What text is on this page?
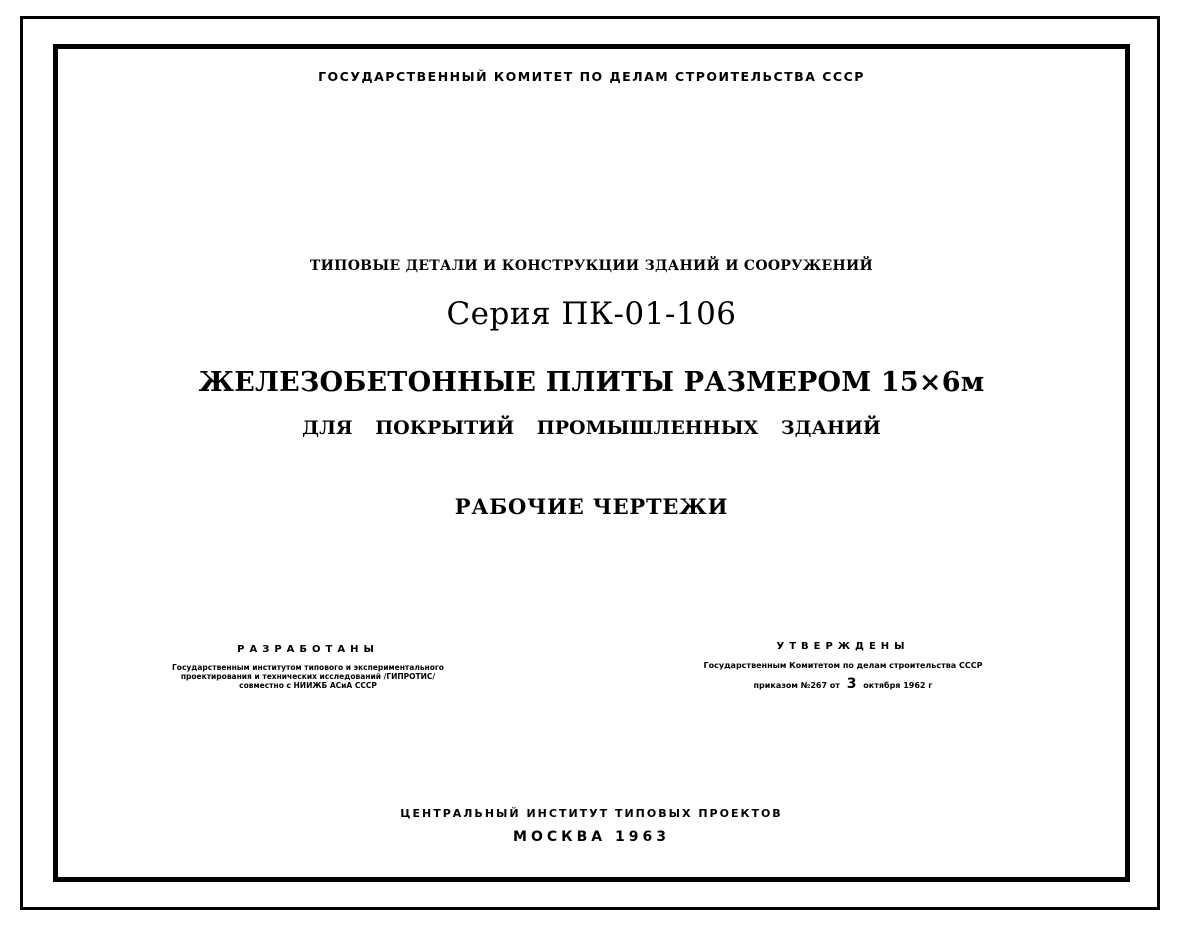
ГОСУДАРСТВЕННЫЙ КОМИТЕТ ПО ДЕЛАМ СТРОИТЕЛЬСТВА СССР
ТИПОВЫЕ ДЕТАЛИ И КОНСТРУКЦИИ ЗДАНИЙ И СООРУЖЕНИЙ
Серия ПК-01-106
ЖЕЛЕЗОБЕТОННЫЕ ПЛИТЫ РАЗМЕРОМ 15×6м
ДЛЯ ПОКРЫТИЙ ПРОМЫШЛЕННЫХ ЗДАНИЙ
РАБОЧИЕ ЧЕРТЕЖИ
РАЗРАБОТАНЫ
Государственным институтом типового и экспериментального
проектирования и технических исследований /ГИПРОТИС/
совместно с НИИЖБ АСиА СССР
УТВЕРЖДЕНЫ
Государственным Комитетом по делам строительства СССР
приказом №267 от 3 октября 1962 г
ЦЕНТРАЛЬНЫЙ ИНСТИТУТ ТИПОВЫХ ПРОЕКТОВ
МОСКВА 1963
